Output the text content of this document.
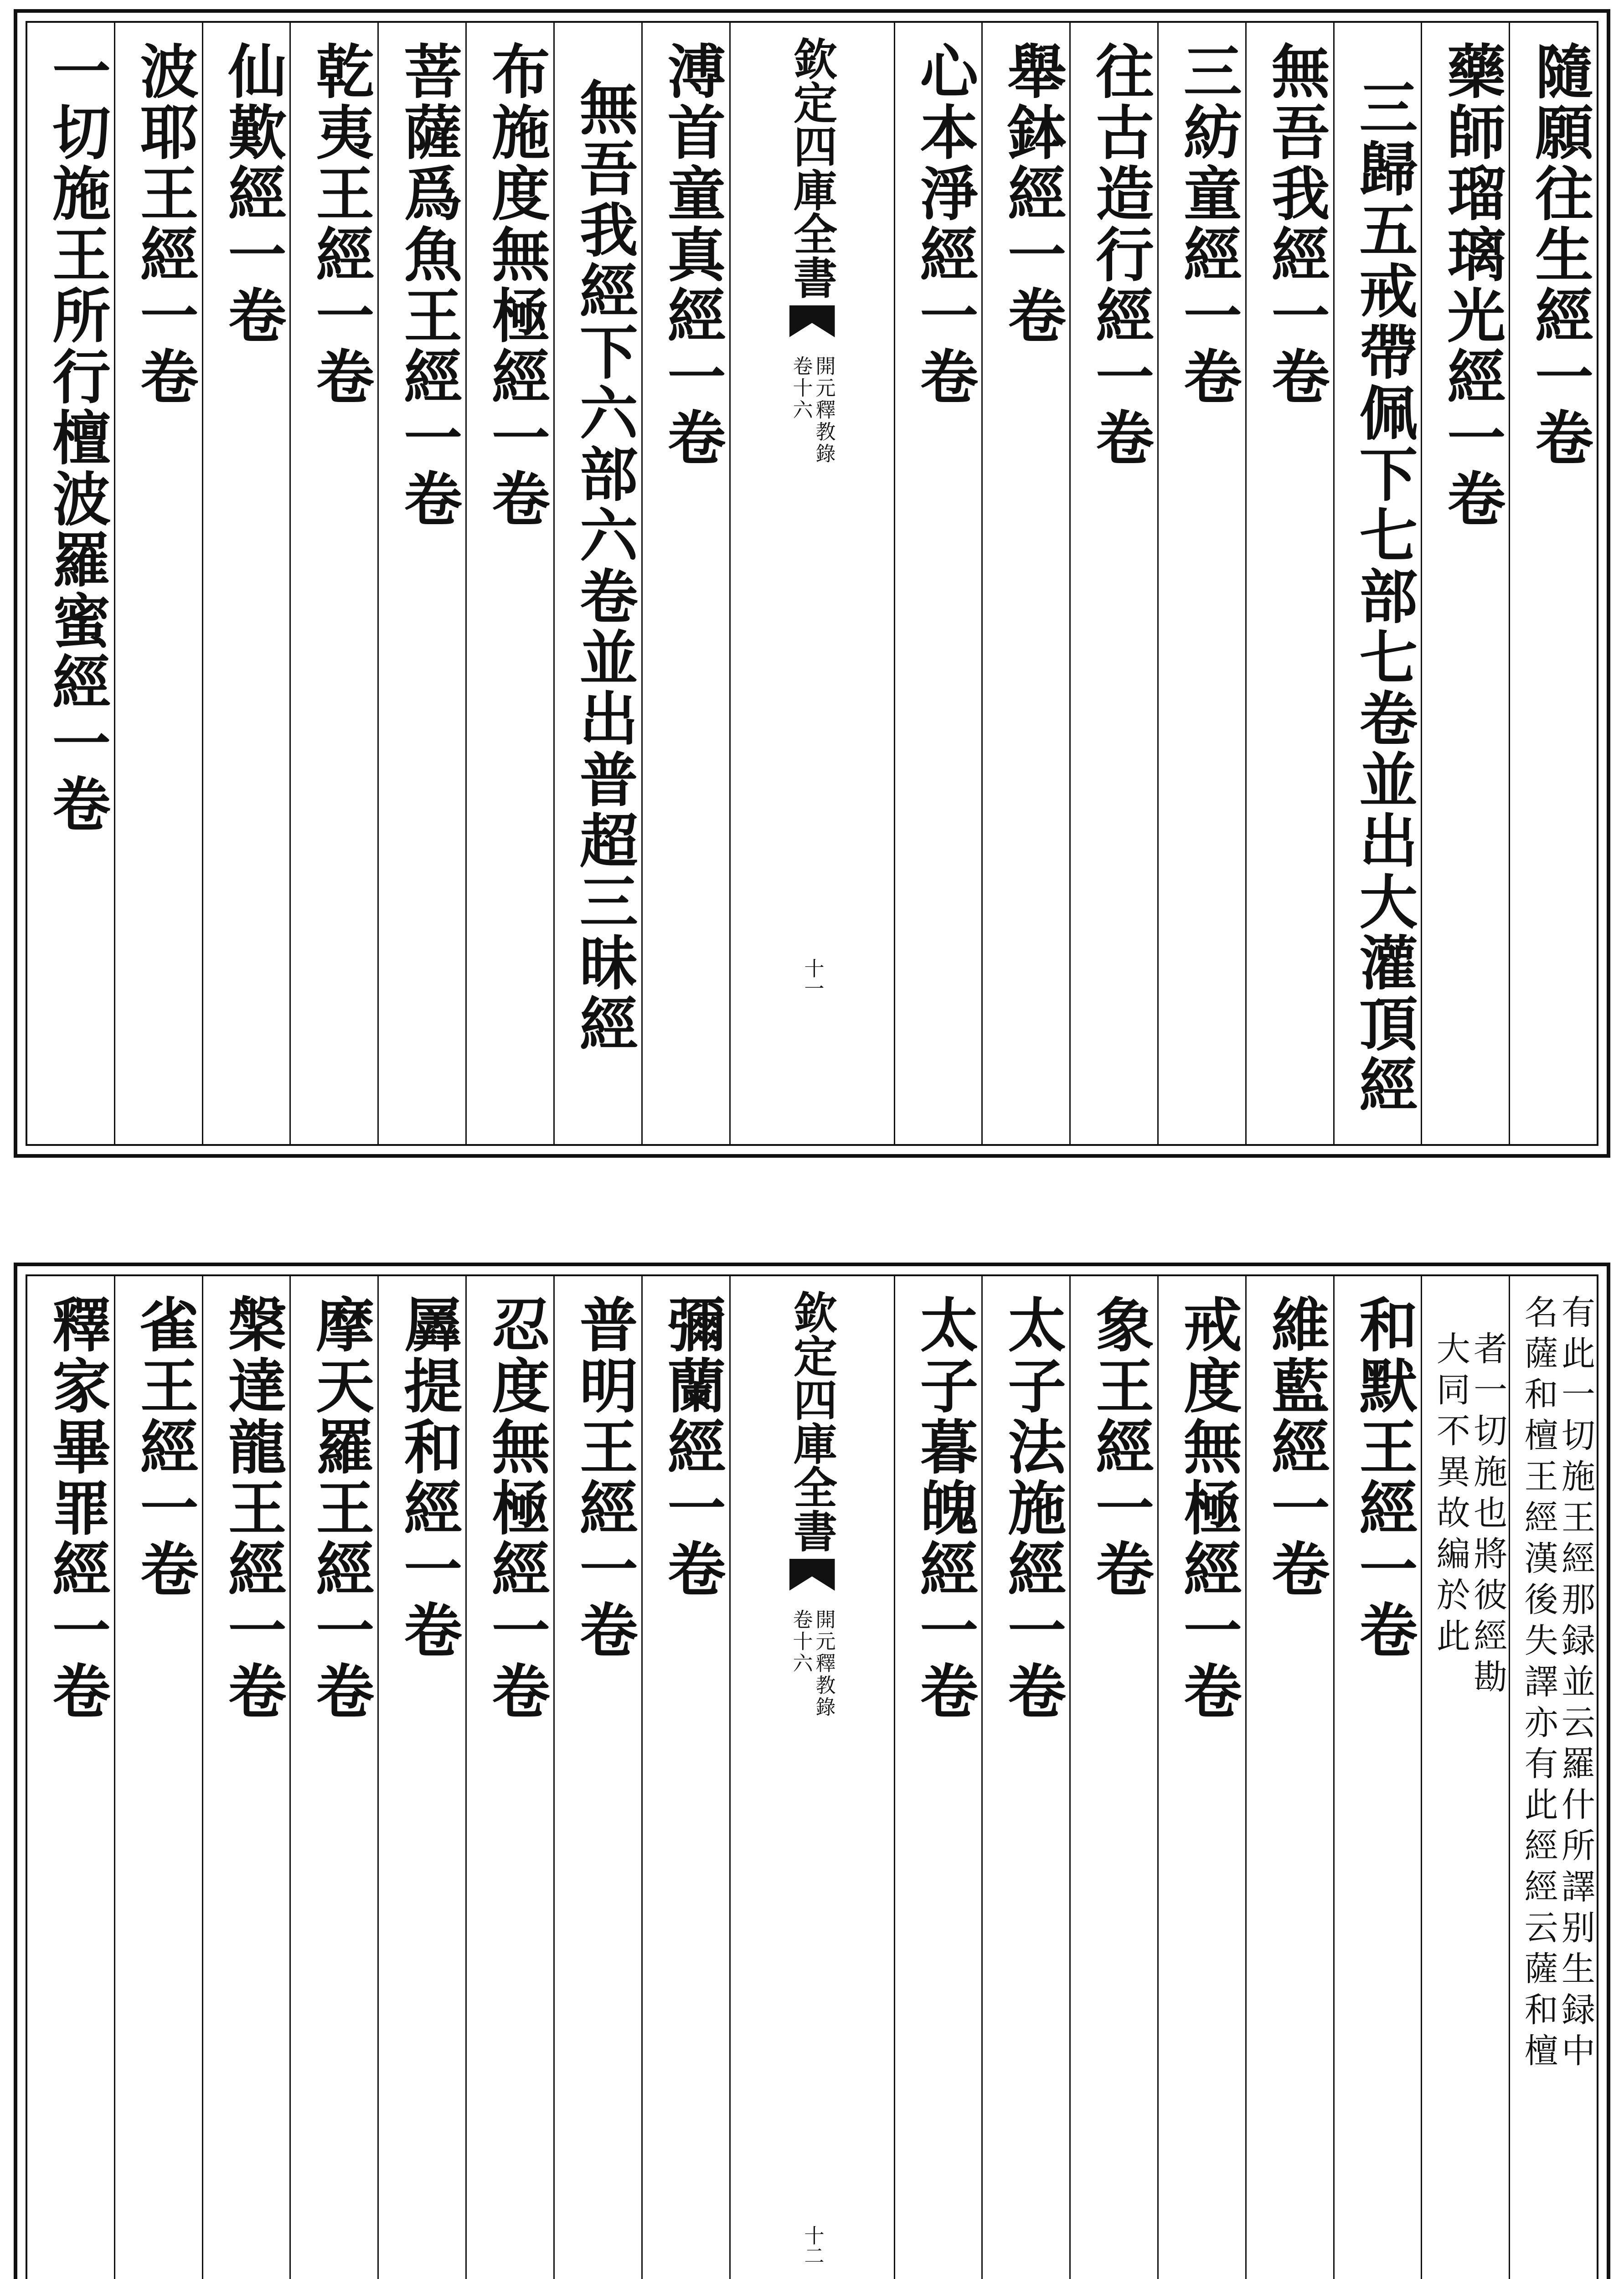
隨願往生經一卷
藥師瑠璃光經一卷
三歸五戒帶佩下七部七卷並出大灌頂經
無吾我經一卷
三紡童經一卷
往古造行經一卷
舉鉢經一卷
心本淨經一卷
欽定四庫全書
開元釋教錄
卷十六
十一
溥首童真經一卷
無吾我經下六部六卷並出普超三昧經
布施度無極經一卷
菩薩爲魚王經一卷
乾夷王經一卷
仙歎經一卷
波耶王經一卷
一切施王所行檀波羅蜜經一卷
有此一切施王經那録並云羅什所譯别生録中
名薩和檀王經漢後失譯亦有此經經云薩和檀
者一切施也將彼經勘
大同不異故編於此
和默王經一卷
維藍經一卷
戒度無極經一卷
象王經一卷
太子法施經一卷
太子暮魄經一卷
欽定四庫全書
開元釋教錄
卷十六
十二
彌蘭經一卷
普明王經一卷
忍度無極經一卷
羼提和經一卷
摩天羅王經一卷
槃達龍王經一卷
雀王經一卷
釋家畢罪經一卷
